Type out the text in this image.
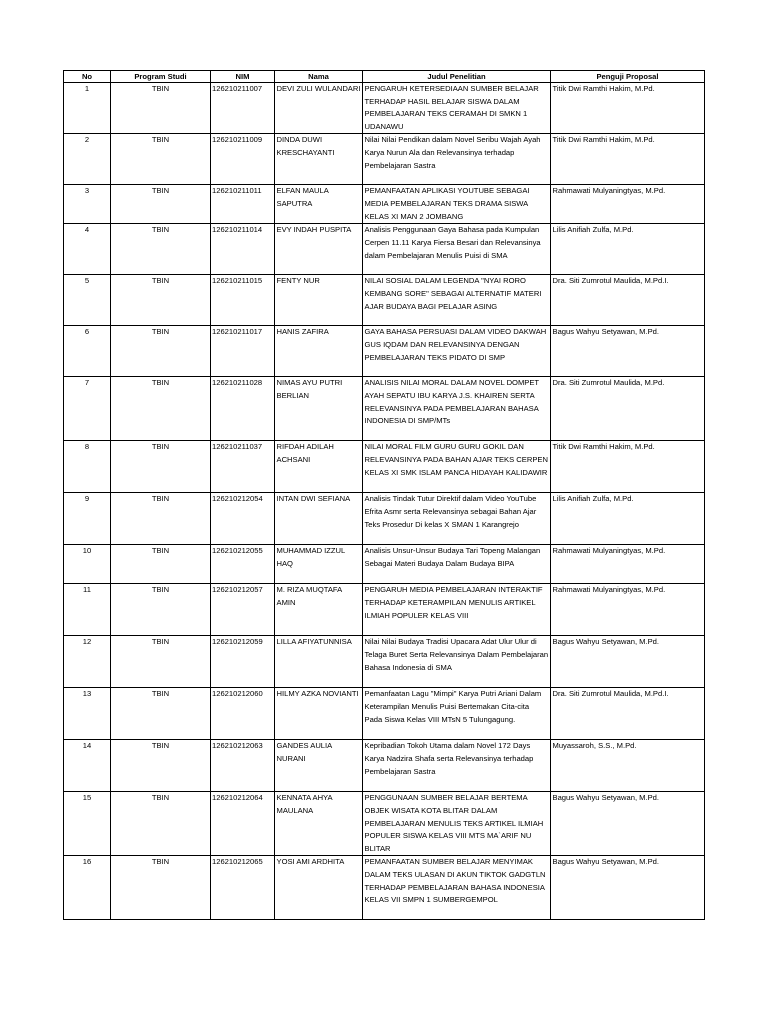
No	Program Studi	NIM	Nama	Judul Penelitian	Penguji Proposal
1	TBIN	126210211007	DEVI ZULI WULANDARI	PENGARUH KETERSEDIAAN SUMBER BELAJAR TERHADAP HASIL BELAJAR SISWA DALAM PEMBELAJARAN TEKS CERAMAH DI SMKN 1 UDANAWU	Titik Dwi Ramthi Hakim, M.Pd.
2	TBIN	126210211009	DINDA DUWI KRESCHAYANTI	Nilai Nilai Pendikan dalam Novel Seribu Wajah Ayah Karya Nurun Ala dan Relevansinya terhadap Pembelajaran Sastra	Titik Dwi Ramthi Hakim, M.Pd.
3	TBIN	126210211011	ELFAN MAULA SAPUTRA	PEMANFAATAN APLIKASI YOUTUBE SEBAGAI MEDIA PEMBELAJARAN TEKS DRAMA SISWA KELAS XI MAN 2 JOMBANG	Rahmawati Mulyaningtyas, M.Pd.
4	TBIN	126210211014	EVY INDAH PUSPITA	Analisis Penggunaan Gaya Bahasa pada Kumpulan Cerpen 11.11 Karya Fiersa Besari dan Relevansinya dalam Pembelajaran Menulis Puisi di SMA	Lilis Anifiah Zulfa, M.Pd.
5	TBIN	126210211015	FENTY NUR	NILAI SOSIAL DALAM LEGENDA "NYAI RORO KEMBANG SORE" SEBAGAI ALTERNATIF MATERI AJAR BUDAYA BAGI PELAJAR ASING	Dra. Siti Zumrotul Maulida, M.Pd.I.
6	TBIN	126210211017	HANIS ZAFIRA	GAYA BAHASA PERSUASI DALAM VIDEO DAKWAH GUS IQDAM DAN RELEVANSINYA DENGAN PEMBELAJARAN TEKS PIDATO DI SMP	Bagus Wahyu Setyawan, M.Pd.
7	TBIN	126210211028	NIMAS AYU PUTRI BERLIAN	ANALISIS NILAI MORAL DALAM NOVEL DOMPET AYAH SEPATU IBU KARYA J.S. KHAIREN SERTA RELEVANSINYA PADA PEMBELAJARAN BAHASA INDONESIA DI SMP/MTs	Dra. Siti Zumrotul Maulida, M.Pd.
8	TBIN	126210211037	RIFDAH ADILAH ACHSANI	NILAI MORAL FILM GURU GURU GOKIL DAN RELEVANSINYA PADA BAHAN AJAR TEKS CERPEN KELAS XI SMK ISLAM PANCA HIDAYAH KALIDAWIR	Titik Dwi Ramthi Hakim, M.Pd.
9	TBIN	126210212054	INTAN DWI SEFIANA	Analisis Tindak Tutur Direktif dalam Video YouTube Efrita Asmr serta Relevansinya sebagai Bahan Ajar Teks Prosedur Di kelas X SMAN 1 Karangrejo	Lilis Anifiah Zulfa, M.Pd.
10	TBIN	126210212055	MUHAMMAD IZZUL HAQ	Analisis Unsur-Unsur Budaya Tari Topeng Malangan Sebagai Materi Budaya Dalam Budaya BIPA	Rahmawati Mulyaningtyas, M.Pd.
11	TBIN	126210212057	M. RIZA MUQTAFA AMIN	PENGARUH MEDIA PEMBELAJARAN INTERAKTIF TERHADAP KETERAMPILAN MENULIS ARTIKEL ILMIAH POPULER KELAS VIII	Rahmawati Mulyaningtyas, M.Pd.
12	TBIN	126210212059	LILLA AFIYATUNNISA	Nilai Nilai Budaya Tradisi Upacara Adat Ulur Ulur di Telaga Buret Serta Relevansinya Dalam Pembelajaran Bahasa Indonesia di SMA	Bagus Wahyu Setyawan, M.Pd.
13	TBIN	126210212060	HILMY AZKA NOVIANTI	Pemanfaatan Lagu "Mimpi" Karya Putri Ariani Dalam Keterampilan Menulis Puisi Bertemakan Cita-cita Pada Siswa Kelas VIII MTsN 5 Tulungagung.	Dra. Siti Zumrotul Maulida, M.Pd.I.
14	TBIN	126210212063	GANDES AULIA NURANI	Kepribadian Tokoh Utama dalam Novel 172 Days Karya Nadzira Shafa serta Relevansinya terhadap Pembelajaran Sastra	Muyassaroh, S.S., M.Pd.
15	TBIN	126210212064	KENNATA AHYA MAULANA	PENGGUNAAN SUMBER BELAJAR BERTEMA OBJEK WISATA KOTA BLITAR DALAM PEMBELAJARAN MENULIS TEKS ARTIKEL ILMIAH POPULER SISWA KELAS VIII MTS MA`ARIF NU BLITAR	Bagus Wahyu Setyawan, M.Pd.
16	TBIN	126210212065	YOSI AMI ARDHITA	PEMANFAATAN SUMBER BELAJAR MENYIMAK DALAM TEKS ULASAN DI AKUN TIKTOK GADGTLN TERHADAP PEMBELAJARAN BAHASA INDONESIA KELAS VII SMPN 1 SUMBERGEMPOL	Bagus Wahyu Setyawan, M.Pd.
